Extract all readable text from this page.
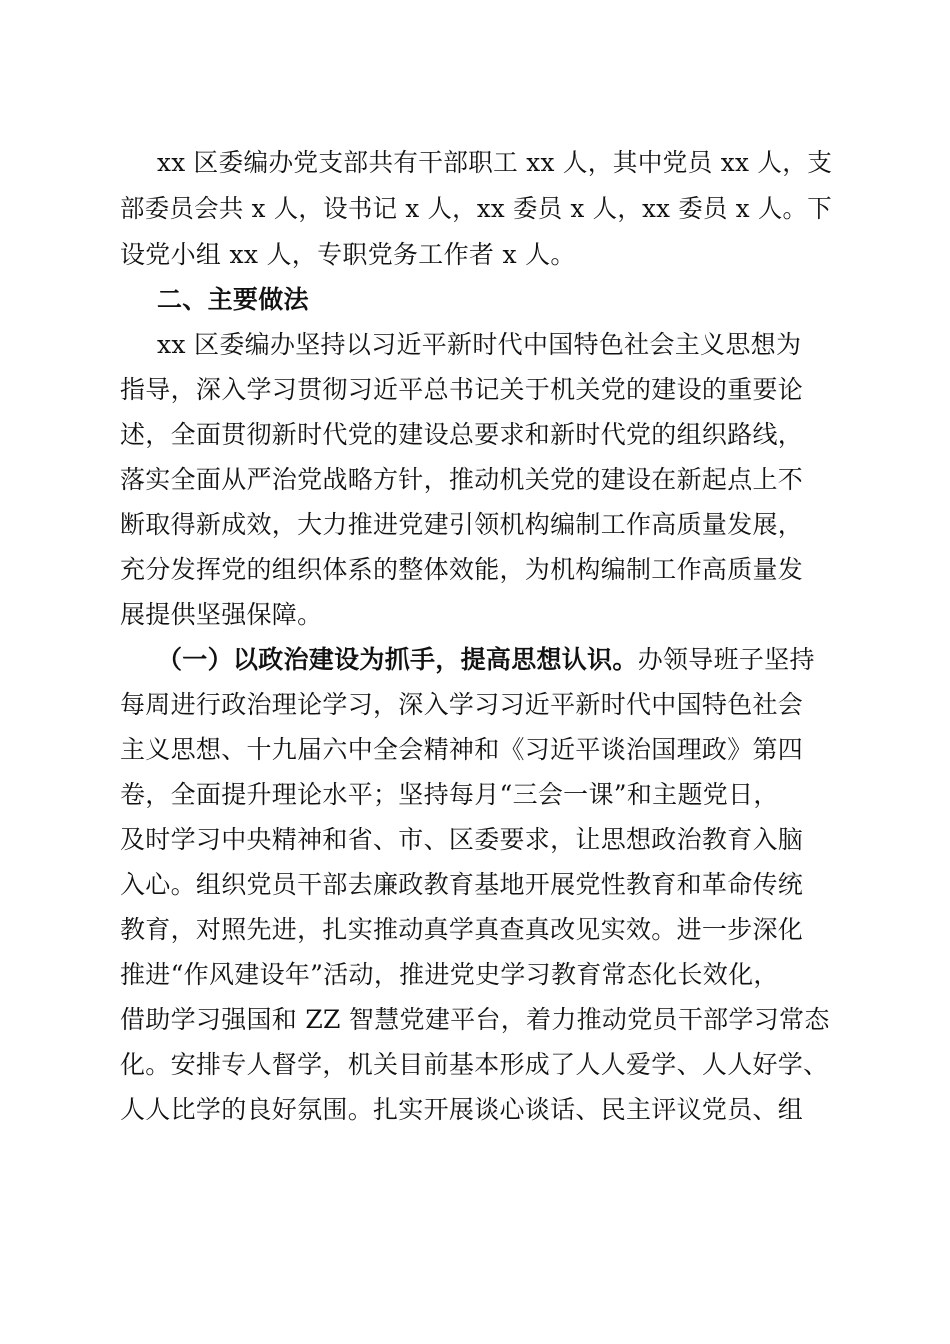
xx 区委编办党支部共有干部职工 xx 人，其中党员 xx 人，支
部委员会共 x 人，设书记 x 人，xx 委员 x 人，xx 委员 x 人。下
设党小组 xx 人，专职党务工作者 x 人。
二、主要做法
xx 区委编办坚持以习近平新时代中国特色社会主义思想为
指导，深入学习贯彻习近平总书记关于机关党的建设的重要论
述，全面贯彻新时代党的建设总要求和新时代党的组织路线，
落实全面从严治党战略方针，推动机关党的建设在新起点上不
断取得新成效，大力推进党建引领机构编制工作高质量发展，
充分发挥党的组织体系的整体效能，为机构编制工作高质量发
展提供坚强保障。
（一）以政治建设为抓手，提高思想认识。办领导班子坚持
每周进行政治理论学习，深入学习习近平新时代中国特色社会
主义思想、十九届六中全会精神和《习近平谈治国理政》第四
卷，全面提升理论水平；坚持每月“三会一课”和主题党日，
及时学习中央精神和省、市、区委要求，让思想政治教育入脑
入心。组织党员干部去廉政教育基地开展党性教育和革命传统
教育，对照先进，扎实推动真学真查真改见实效。进一步深化
推进“作风建设年”活动，推进党史学习教育常态化长效化，
借助学习强国和 ZZ 智慧党建平台，着力推动党员干部学习常态
化。安排专人督学，机关目前基本形成了人人爱学、人人好学、
人人比学的良好氛围。扎实开展谈心谈话、民主评议党员、组
